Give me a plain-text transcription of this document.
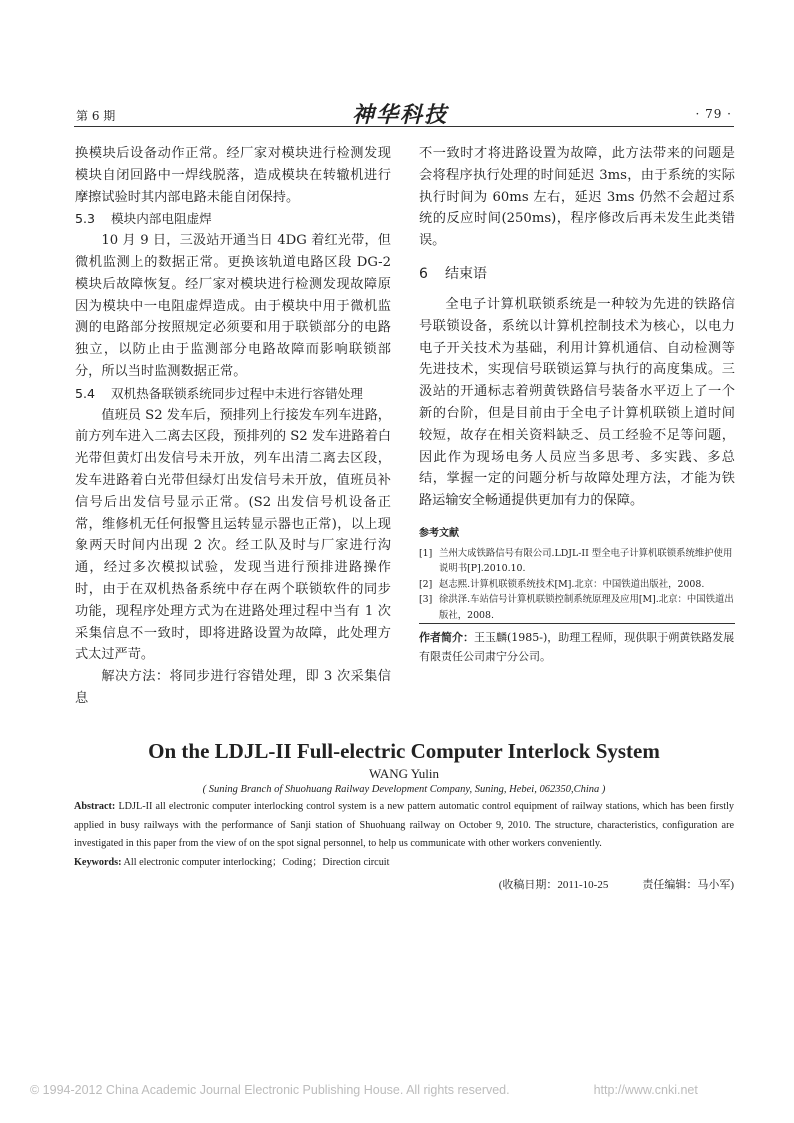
第 6 期	神华科技	· 79 ·

换模块后设备动作正常。经厂家对模块进行检测发现模块自闭回路中一焊线脱落，造成模块在转辙机进行摩擦试验时其内部电路未能自闭保持。

5.3 模块内部电阻虚焊

10 月 9 日，三汲站开通当日 4DG 着红光带，但微机监测上的数据正常。更换该轨道电路区段 DG-2 模块后故障恢复。经厂家对模块进行检测发现故障原因为模块中一电阻虚焊造成。由于模块中用于微机监测的电路部分按照规定必须要和用于联锁部分的电路独立，以防止由于监测部分电路故障而影响联锁部分，所以当时监测数据正常。

5.4 双机热备联锁系统同步过程中未进行容错处理

值班员 S2 发车后，预排列上行接发车列车进路，前方列车进入二离去区段，预排列的 S2 发车进路着白光带但黄灯出发信号未开放，列车出清二离去区段，发车进路着白光带但绿灯出发信号未开放，值班员补信号后出发信号显示正常。(S2 出发信号机设备正常，维修机无任何报警且运转显示器也正常)，以上现象两天时间内出现 2 次。经工队及时与厂家进行沟通，经过多次模拟试验，发现当进行预排进路操作时，由于在双机热备系统中存在两个联锁软件的同步功能，现程序处理方式为在进路处理过程中当有 1 次采集信息不一致时，即将进路设置为故障，此处理方式太过严苛。

解决方法：将同步进行容错处理，即 3 次采集信息

不一致时才将进路设置为故障，此方法带来的问题是会将程序执行处理的时间延迟 3ms，由于系统的实际执行时间为 60ms 左右，延迟 3ms 仍然不会超过系统的反应时间(250ms)，程序修改后再未发生此类错误。

6 结束语

全电子计算机联锁系统是一种较为先进的铁路信号联锁设备，系统以计算机控制技术为核心，以电力电子开关技术为基础，利用计算机通信、自动检测等先进技术，实现信号联锁运算与执行的高度集成。三汲站的开通标志着朔黄铁路信号装备水平迈上了一个新的台阶，但是目前由于全电子计算机联锁上道时间较短，故存在相关资料缺乏、员工经验不足等问题，因此作为现场电务人员应当多思考、多实践、多总结，掌握一定的问题分析与故障处理方法，才能为铁路运输安全畅通提供更加有力的保障。

参考文献
[1] 兰州大成铁路信号有限公司.LDJL-II 型全电子计算机联锁系统维护使用说明书[P].2010.10.
[2] 赵志熙.计算机联锁系统技术[M].北京：中国铁道出版社，2008.
[3] 徐洪泽.车站信号计算机联锁控制系统原理及应用[M].北京：中国铁道出版社，2008.
作者简介：王玉麟(1985-)，助理工程师，现供职于朔黄铁路发展有限责任公司肃宁分公司。
On the LDJL-II Full-electric Computer Interlock System
WANG Yulin
( Suning Branch of Shuohuang Railway Development Company, Suning, Hebei, 062350,China )
Abstract: LDJL-II all electronic computer interlocking control system is a new pattern automatic control equipment of railway stations, which has been firstly applied in busy railways with the performance of Sanji station of Shuohuang railway on October 9, 2010. The structure, characteristics, configuration are investigated in this paper from the view of on the spot signal personnel, to help us communicate with other workers conveniently.
Keywords: All electronic computer interlocking；Coding；Direction circuit
(收稿日期：2011-10-25	责任编辑：马小军)
© 1994-2012 China Academic Journal Electronic Publishing House. All rights reserved.	http://www.cnki.net
